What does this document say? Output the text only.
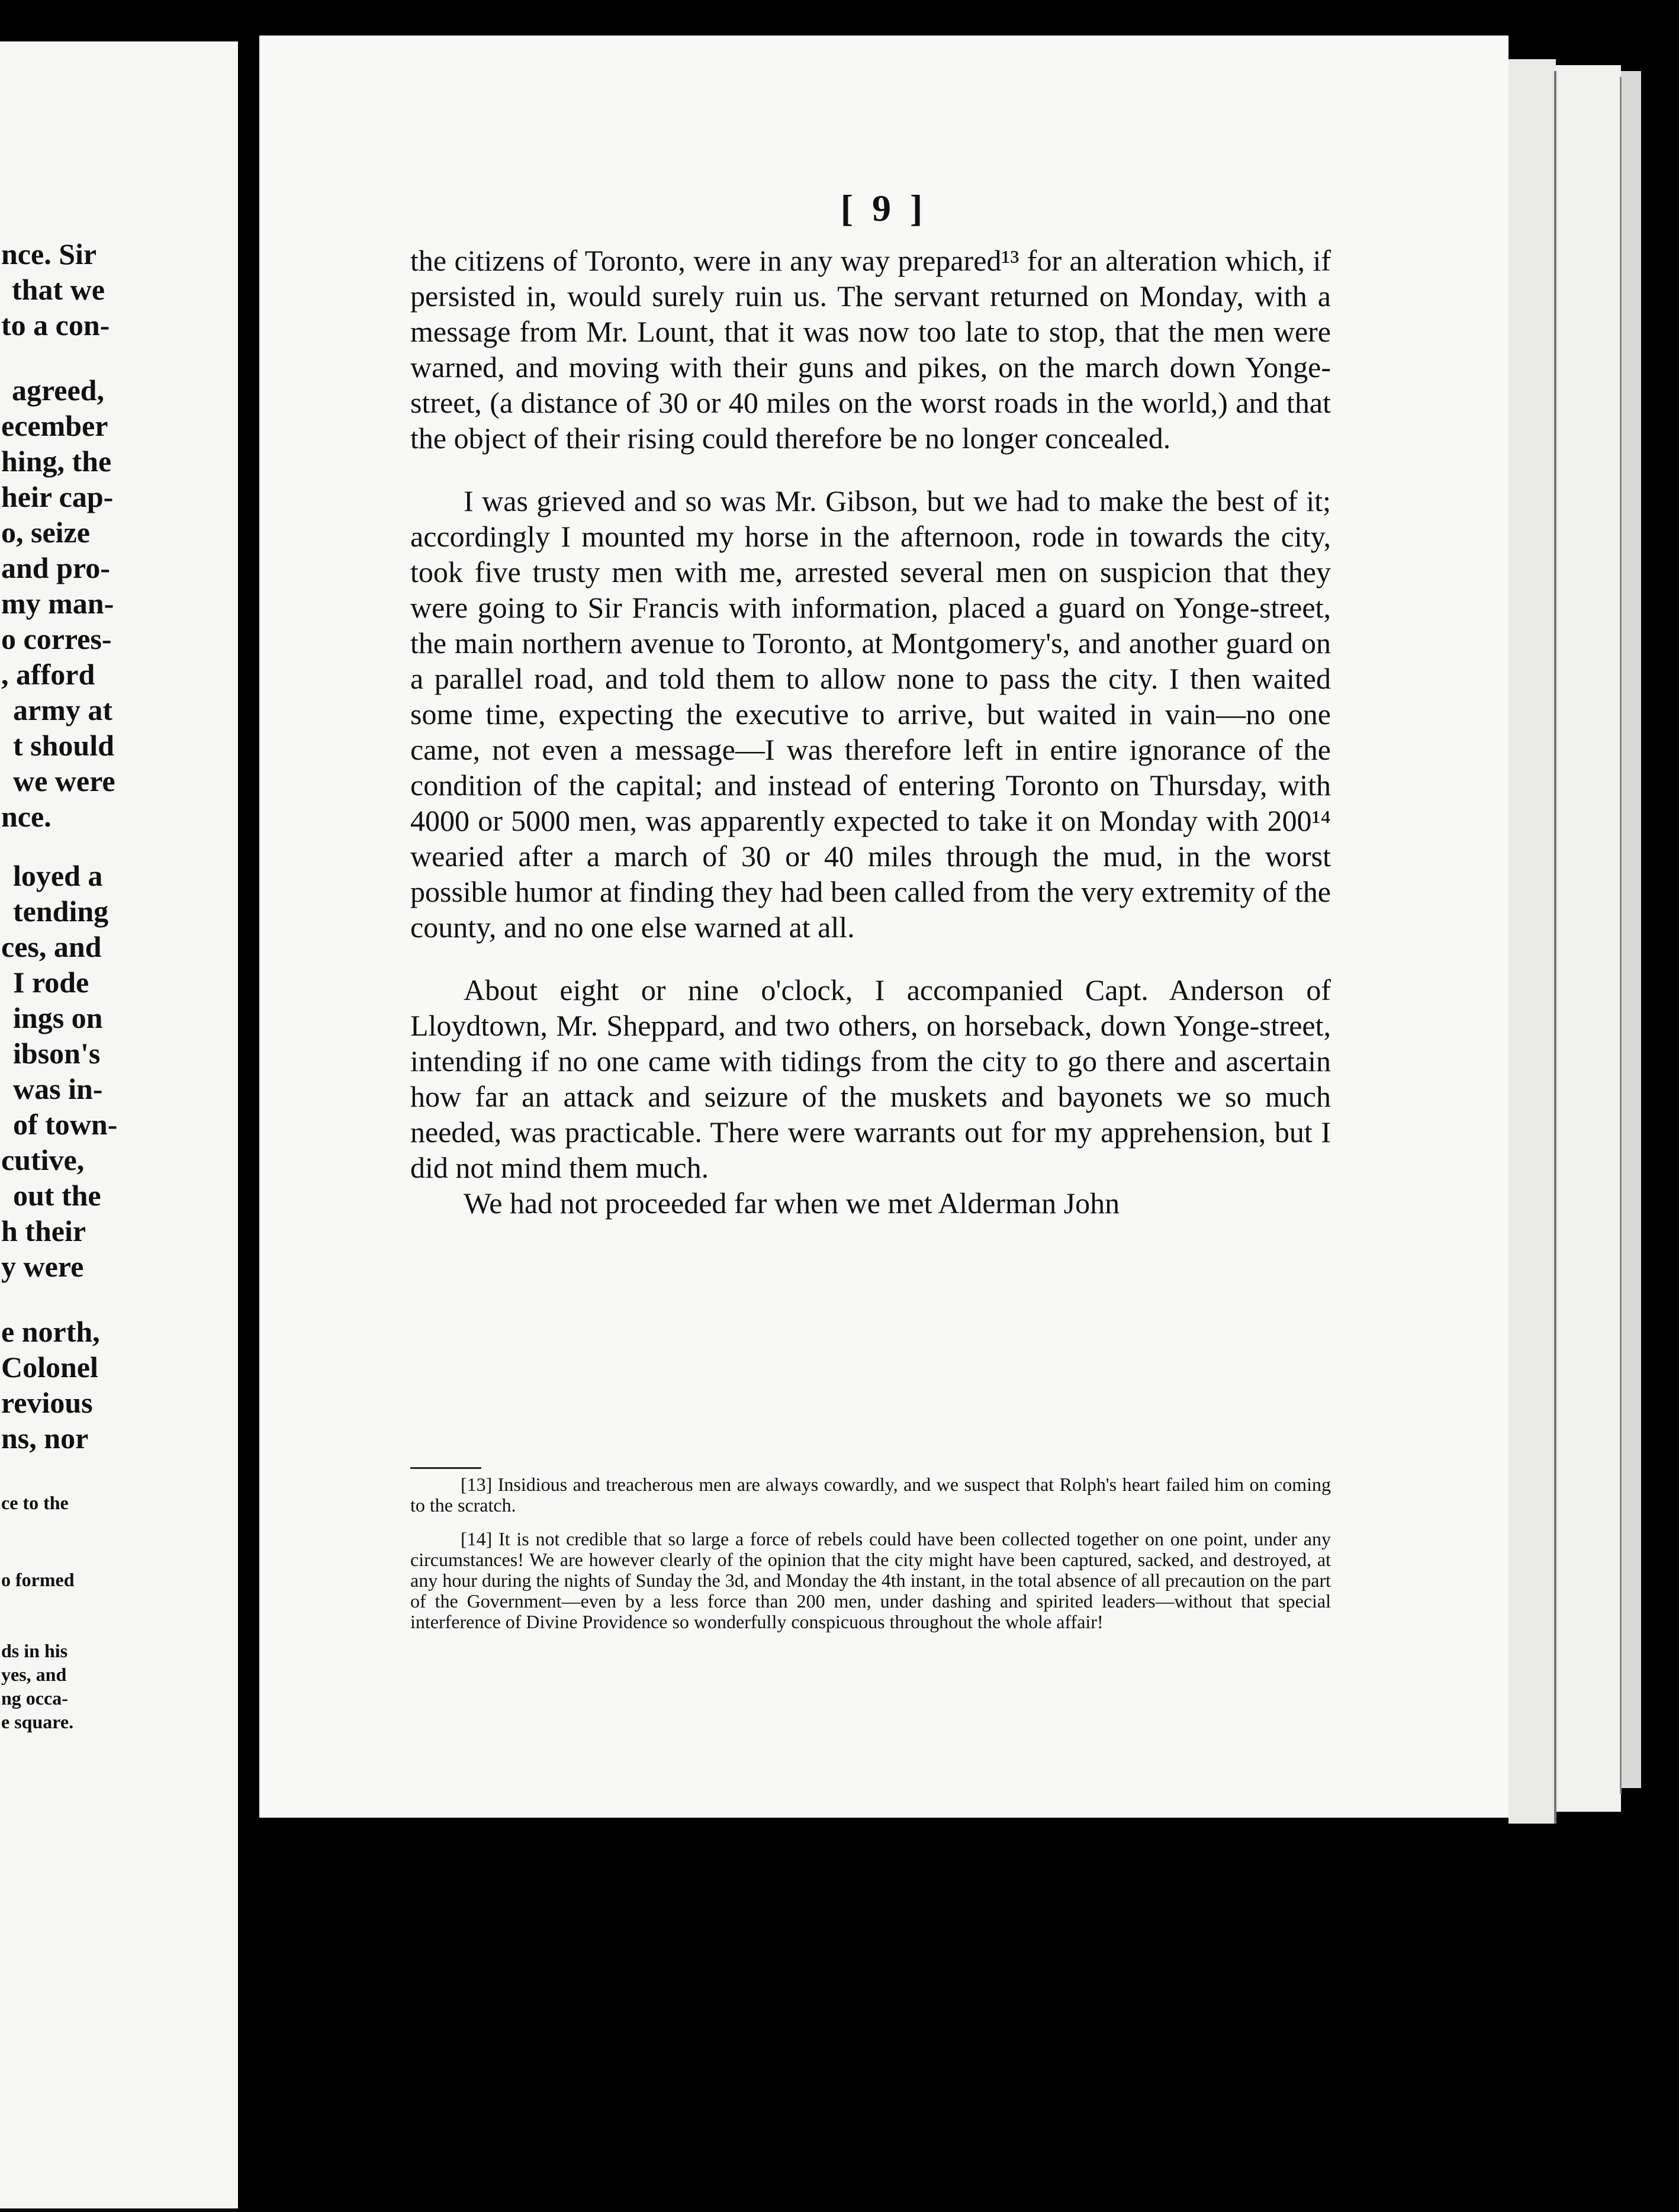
nce. Sir
that we
to a con-
agreed,
ecember
hing, the
heir cap-
o, seize
and pro-
my man-
o corres-
, afford
army at
t should
we were
nce.
loyed a
tending
ces, and
I rode
ings on
ibson's
was in-
of town-
cutive,
out the
h their
y were
e north,
Colonel
revious
ns, nor
ce to the
o formed
ds in his
yes, and
ng occa-
e square.
[ 9 ]

the citizens of Toronto, were in any way prepared¹³ for an alteration which, if persisted in, would surely ruin us. The servant returned on Monday, with a message from Mr. Lount, that it was now too late to stop, that the men were warned, and moving with their guns and pikes, on the march down Yonge-street, (a distance of 30 or 40 miles on the worst roads in the world,) and that the object of their rising could therefore be no longer concealed.

I was grieved and so was Mr. Gibson, but we had to make the best of it; accordingly I mounted my horse in the afternoon, rode in towards the city, took five trusty men with me, arrested several men on suspicion that they were going to Sir Francis with information, placed a guard on Yonge-street, the main northern avenue to Toronto, at Montgomery's, and another guard on a parallel road, and told them to allow none to pass the city. I then waited some time, expecting the executive to arrive, but waited in vain—no one came, not even a message—I was therefore left in entire ignorance of the condition of the capital; and instead of entering Toronto on Thursday, with 4000 or 5000 men, was apparently expected to take it on Monday with 200¹⁴ wearied after a march of 30 or 40 miles through the mud, in the worst possible humor at finding they had been called from the very extremity of the county, and no one else warned at all.

About eight or nine o'clock, I accompanied Capt. Anderson of Lloydtown, Mr. Sheppard, and two others, on horseback, down Yonge-street, intending if no one came with tidings from the city to go there and ascertain how far an attack and seizure of the muskets and bayonets we so much needed, was practicable. There were warrants out for my apprehension, but I did not mind them much.

We had not proceeded far when we met Alderman John

[13] Insidious and treacherous men are always cowardly, and we suspect that Rolph's heart failed him on coming to the scratch.

[14] It is not credible that so large a force of rebels could have been collected together on one point, under any circumstances! We are however clearly of the opinion that the city might have been captured, sacked, and destroyed, at any hour during the nights of Sunday the 3d, and Monday the 4th instant, in the total absence of all precaution on the part of the Government—even by a less force than 200 men, under dashing and spirited leaders—without that special interference of Divine Providence so wonderfully conspicuous throughout the whole affair!
